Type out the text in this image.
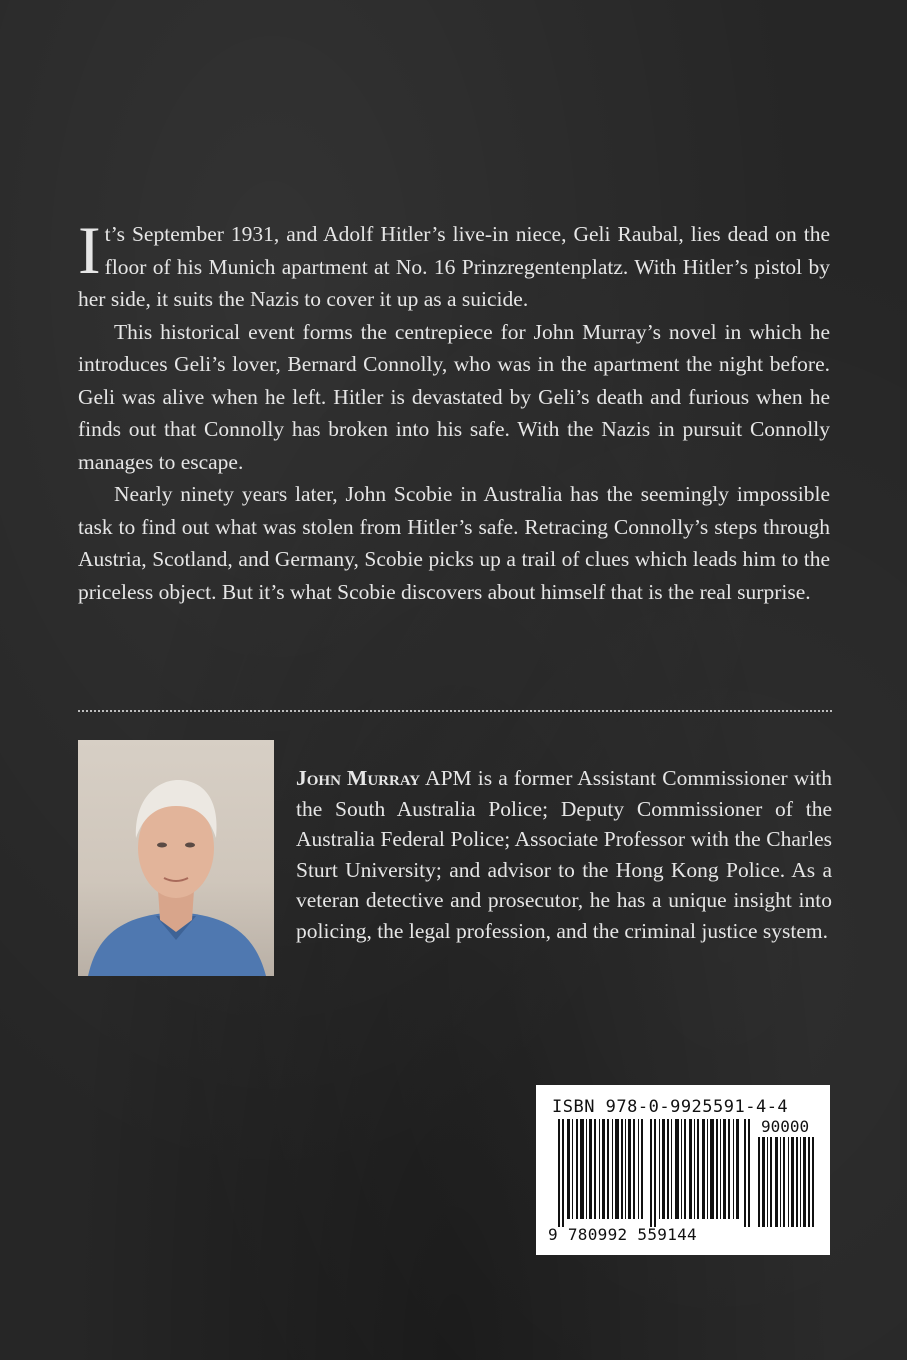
It’s September 1931, and Adolf Hitler’s live-in niece, Geli Raubal, lies dead on the floor of his Munich apartment at No. 16 Prinzregentenplatz. With Hitler’s pistol by her side, it suits the Nazis to cover it up as a suicide.

This historical event forms the centrepiece for John Murray’s novel in which he introduces Geli’s lover, Bernard Connolly, who was in the apartment the night before. Geli was alive when he left. Hitler is devastated by Geli’s death and furious when he finds out that Connolly has broken into his safe. With the Nazis in pursuit Connolly manages to escape.

Nearly ninety years later, John Scobie in Australia has the seemingly impossible task to find out what was stolen from Hitler’s safe. Retracing Connolly’s steps through Austria, Scotland, and Germany, Scobie picks up a trail of clues which leads him to the priceless object. But it’s what Scobie discovers about himself that is the real surprise.

John Murray APM is a former Assistant Commissioner with the South Australia Police; Deputy Commissioner of the Australia Federal Police; Associate Professor with the Charles Sturt University; and advisor to the Hong Kong Police. As a veteran detective and prosecutor, he has a unique insight into policing, the legal profession, and the criminal justice system.
ISBN 978-0-9925591-4-4
90000
9 780992 559144
